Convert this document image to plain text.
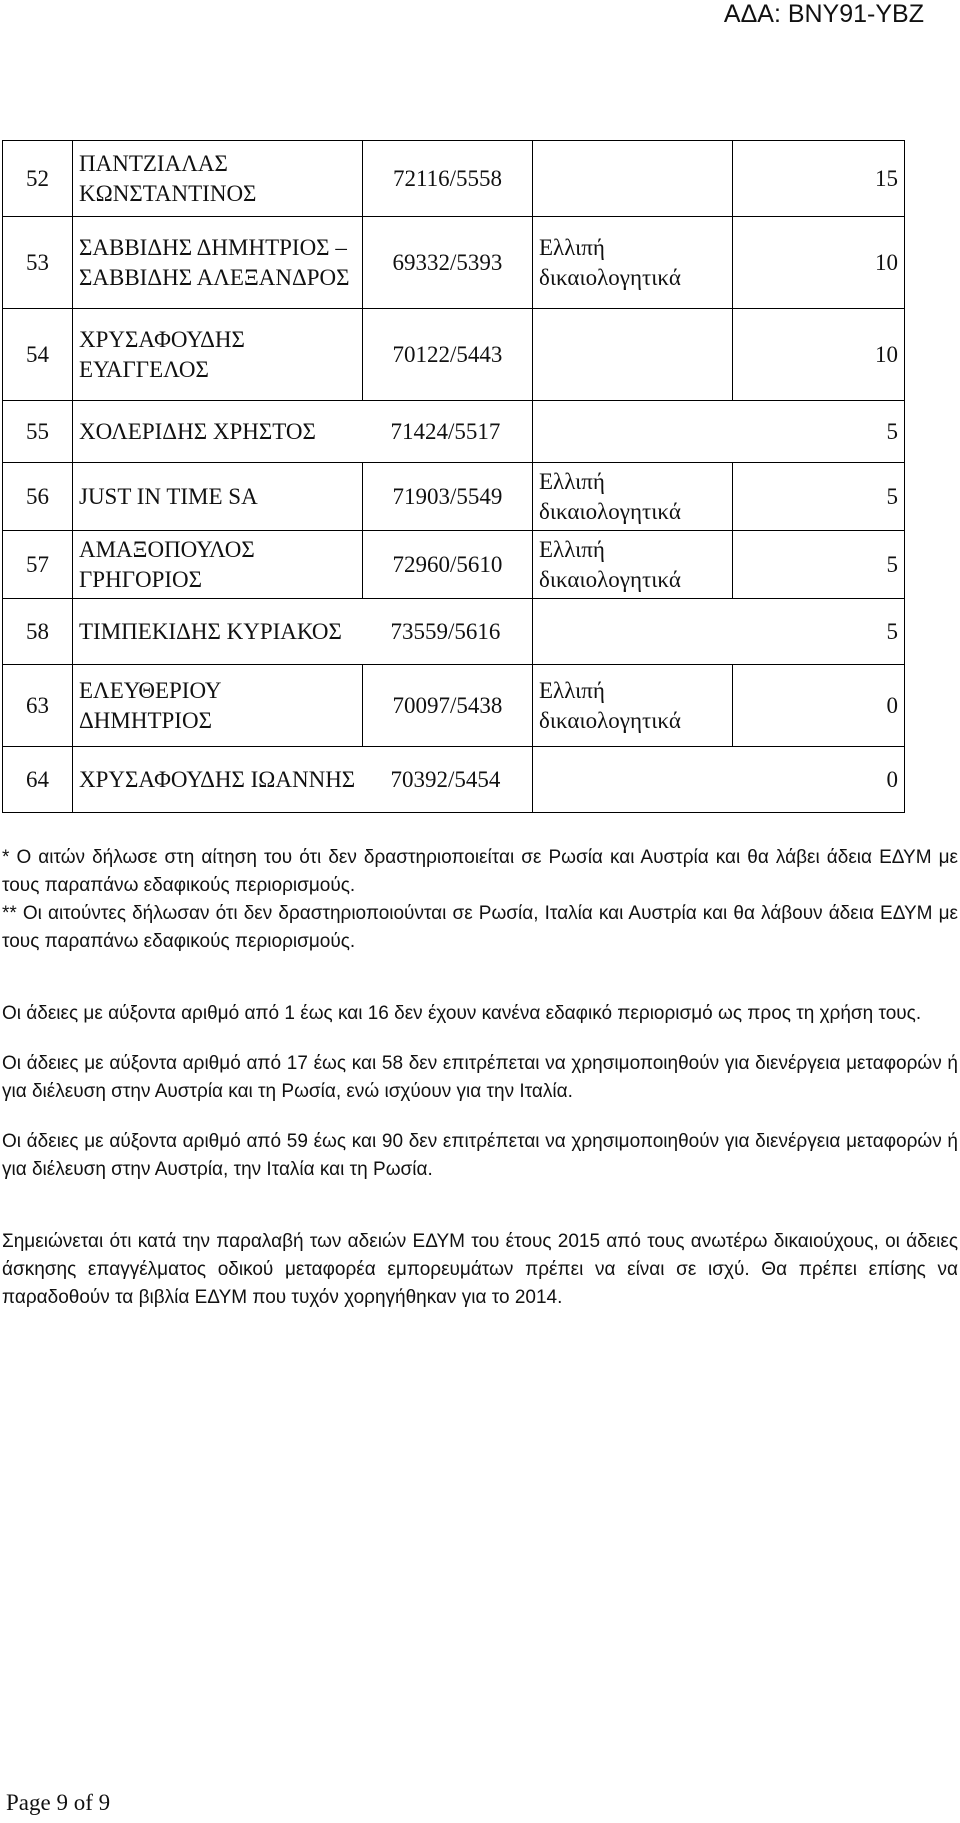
ΑΔΑ: ΒΝΥ91-ΥΒΖ
52	ΠΑΝΤΖΙΑΛΑΣ ΚΩΝΣΤΑΝΤΙΝΟΣ	72116/5558		15
53	ΣΑΒΒΙΔΗΣ ΔΗΜΗΤΡΙΟΣ – ΣΑΒΒΙΔΗΣ ΑΛΕΞΑΝΔΡΟΣ	69332/5393	Ελλιπή δικαιολογητικά	10
54	ΧΡΥΣΑΦΟΥΔΗΣ ΕΥΑΓΓΕΛΟΣ	70122/5443		10
55	ΧΟΛΕΡΙΔΗΣ ΧΡΗΣΤΟΣ	71424/5517		5
56	JUST IN TIME SA	71903/5549	Ελλιπή δικαιολογητικά	5
57	ΑΜΑΞΟΠΟΥΛΟΣ ΓΡΗΓΟΡΙΟΣ	72960/5610	Ελλιπή δικαιολογητικά	5
58	ΤΙΜΠΕΚΙΔΗΣ ΚΥΡΙΑΚΟΣ	73559/5616		5
63	ΕΛΕΥΘΕΡΙΟΥ ΔΗΜΗΤΡΙΟΣ	70097/5438	Ελλιπή δικαιολογητικά	0
64	ΧΡΥΣΑΦΟΥΔΗΣ ΙΩΑΝΝΗΣ	70392/5454		0

* Ο αιτών δήλωσε στη αίτηση του ότι δεν δραστηριοποιείται σε Ρωσία και Αυστρία και θα λάβει άδεια ΕΔΥΜ με τους παραπάνω εδαφικούς περιορισμούς.

** Οι αιτούντες δήλωσαν ότι δεν δραστηριοποιούνται σε Ρωσία, Ιταλία και Αυστρία και θα λάβουν άδεια ΕΔΥΜ με τους παραπάνω εδαφικούς περιορισμούς.

Οι άδειες με αύξοντα αριθμό από 1 έως και 16 δεν έχουν κανένα εδαφικό περιορισμό ως προς τη χρήση τους.

Οι άδειες με αύξοντα αριθμό από 17 έως και 58 δεν επιτρέπεται να χρησιμοποιηθούν για διενέργεια μεταφορών ή για διέλευση στην Αυστρία και τη Ρωσία, ενώ ισχύουν για την Ιταλία.

Οι άδειες με αύξοντα αριθμό από 59 έως και 90 δεν επιτρέπεται να χρησιμοποιηθούν για διενέργεια μεταφορών ή για διέλευση στην Αυστρία, την Ιταλία και τη Ρωσία.

Σημειώνεται ότι κατά την παραλαβή των αδειών ΕΔΥΜ του έτους 2015 από τους ανωτέρω δικαιούχους, οι άδειες άσκησης επαγγέλματος οδικού μεταφορέα εμπορευμάτων πρέπει να είναι σε ισχύ. Θα πρέπει επίσης να παραδοθούν τα βιβλία ΕΔΥΜ που τυχόν χορηγήθηκαν για το 2014.

Page 9 of 9
